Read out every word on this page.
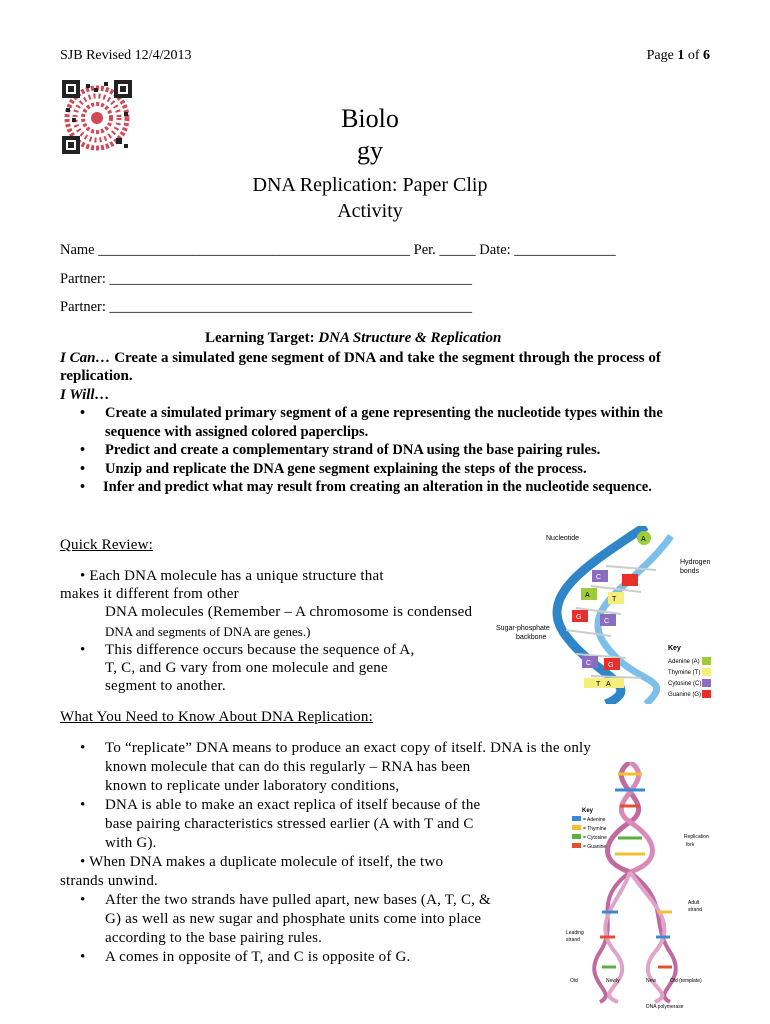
SJB Revised 12/4/2013	Page 1 of 6
Biolo
gy
DNA Replication: Paper Clip
Activity
Name ___________________________________________ Per. _____ Date: ______________
Partner: __________________________________________________
Partner: __________________________________________________
Learning Target: DNA Structure & Replication
I Can… Create a simulated gene segment of DNA and take the segment through the process of replication.
I Will…
•	Create a simulated primary segment of a gene representing the nucleotide types within the sequence with assigned colored paperclips.
•	Predict and create a complementary strand of DNA using the base pairing rules.
•	Unzip and replicate the DNA gene segment explaining the steps of the process.
•	Infer and predict what may result from creating an alteration in the nucleotide sequence.
Quick Review:
• Each DNA molecule has a unique structure that
makes it different from other
DNA molecules (Remember – A chromosome is condensed
DNA and segments of DNA are genes.)
• This difference occurs because the sequence of A,
T, C, and G vary from one molecule and gene
segment to another.
A
C
A
T
G
C
C G
T A
Nucleotide
Hydrogen
bonds
Sugar-phosphate
backbone
Key
Adenine (A)
Thymine (T)
Cytosine (C)
Guanine (G)
What You Need to Know About DNA Replication:
• To “replicate” DNA means to produce an exact copy of itself. DNA is the only
known molecule that can do this regularly – RNA has been
known to replicate under laboratory conditions,
• DNA is able to make an exact replica of itself because of the
base pairing characteristics stressed earlier (A with T and C
with G).
• When DNA makes a duplicate molecule of itself, the two
strands unwind.
• After the two strands have pulled apart, new bases (A, T, C, &
G) as well as new sugar and phosphate units come into place
according to the base pairing rules.
• A comes in opposite of T, and C is opposite of G.
Key
= Adenine
= Thymine
= Cytosine
= Guanine
Replication
fork
Adult
strand
Leading
strand
Old	Newly	New	Old (template)
DNA polymerase
